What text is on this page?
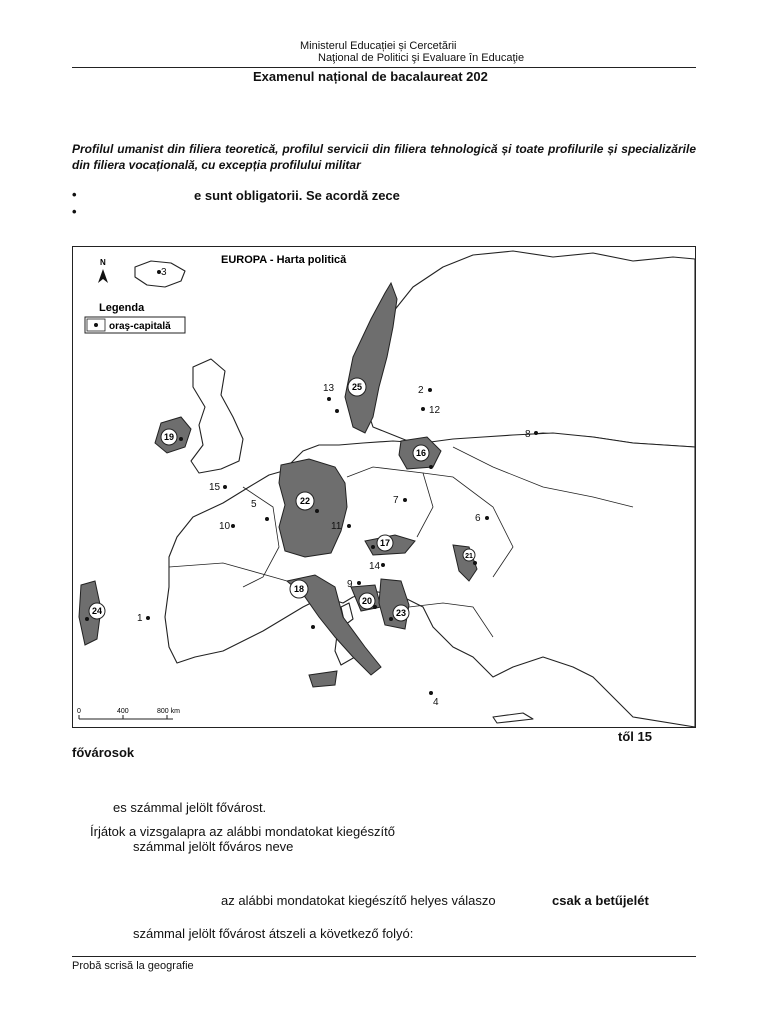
Ministerul Educației și Cercetării
Naţional de Politici şi Evaluare în Educaţie
Examenul național de bacalaureat 202
Profilul umanist din filiera teoretică, profilul servicii din filiera tehnologică și toate profilurile și specializările din filiera vocațională, cu excepția profilului militar
•	e sunt obligatorii. Se acordă zece
•
N	EUROPA - Harta politică
Legenda
oraş-capitală
0	400	800 km
1
2
3
4
5
6
7
8
9
10	11
12
13
14
15
16
17
18
19
20
21
22
23
24
25
től 15
fővárosok
es számmal jelölt fővárost.
Írjátok a vizsgalapra az alábbi mondatokat kiegészítő
számmal jelölt főváros neve
az alábbi mondatokat kiegészítő helyes válaszo	csak a betűjelét
számmal jelölt fővárost átszeli a következő folyó:
Probă scrisă la geografie
